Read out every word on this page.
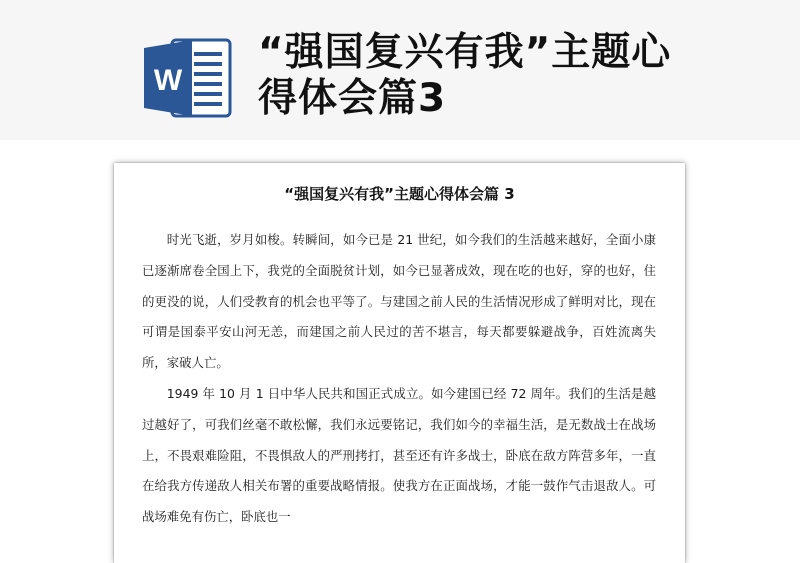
W
“强国复兴有我”主题心得体会篇3
“强国复兴有我”主题心得体会篇 3

时光飞逝，岁月如梭。转瞬间，如今已是 21 世纪，如今我们的生活越来越好，全面小康已逐渐席卷全国上下，我党的全面脱贫计划，如今已显著成效，现在吃的也好，穿的也好，住的更没的说，人们受教育的机会也平等了。与建国之前人民的生活情况形成了鲜明对比，现在可谓是国泰平安山河无恙，而建国之前人民过的苦不堪言，每天都要躲避战争，百姓流离失所，家破人亡。

1949 年 10 月 1 日中华人民共和国正式成立。如今建国已经 72 周年。我们的生活是越过越好了，可我们丝毫不敢松懈，我们永远要铭记，我们如今的幸福生活，是无数战士在战场上，不畏艰难险阻，不畏惧敌人的严刑拷打，甚至还有许多战士，卧底在敌方阵营多年，一直在给我方传递敌人相关布署的重要战略情报。使我方在正面战场，才能一鼓作气击退敌人。可战场难免有伤亡，卧底也一
